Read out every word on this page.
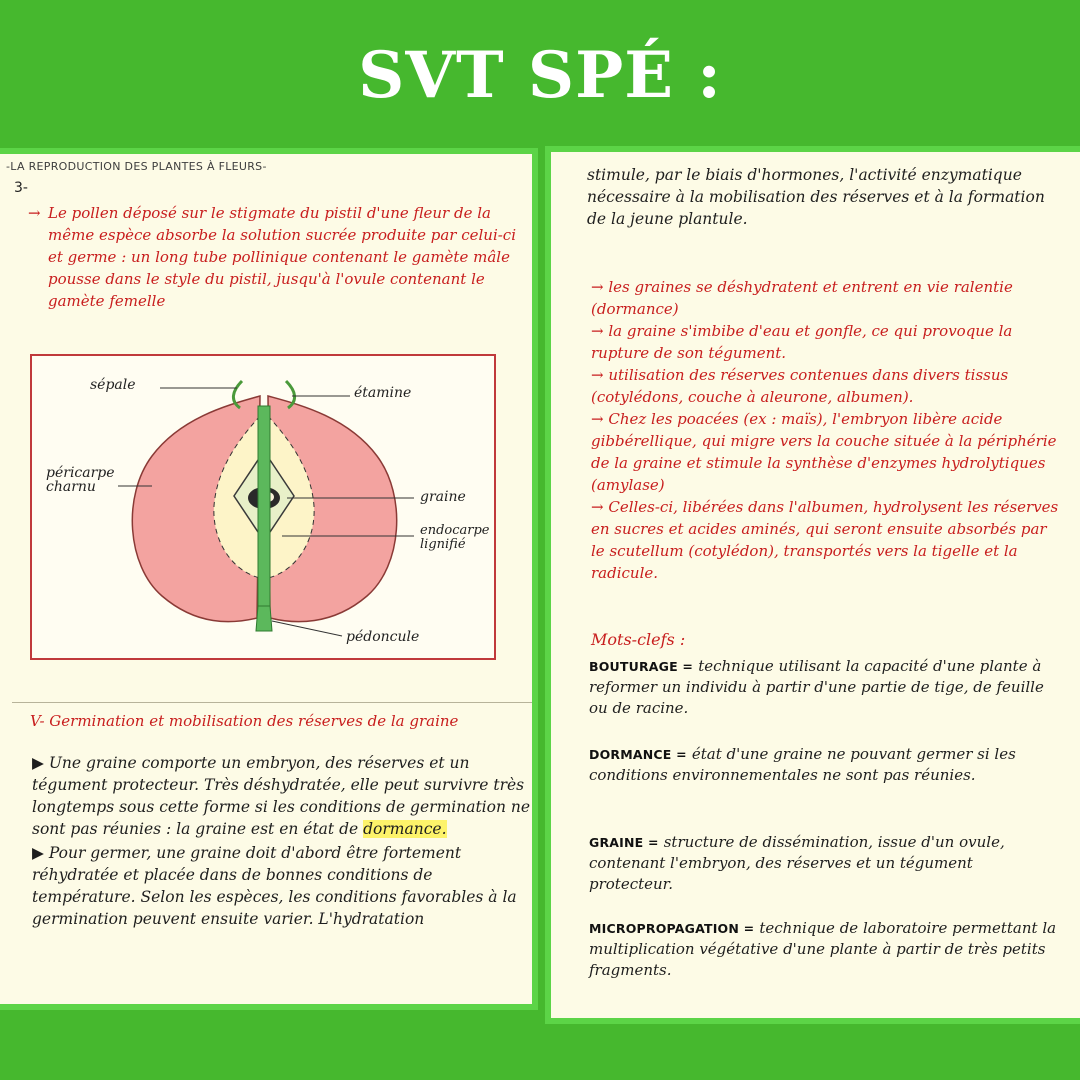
SVT SPÉ :
-LA REPRODUCTION DES PLANTES À FLEURS-
3-
→ Le pollen déposé sur le stigmate du pistil d'une fleur de la même espèce absorbe la solution sucrée produite par celui-ci et germe : un long tube pollinique contenant le gamète mâle pousse dans le style du pistil, jusqu'à l'ovule contenant le gamète femelle
sépale	étamine
péricarpe charnu
graine
endocarpe lignifié
pédoncule
V- Germination et mobilisation des réserves de la graine
▶ Une graine comporte un embryon, des réserves et un tégument protecteur. Très déshydratée, elle peut survivre très longtemps sous cette forme si les conditions de germination ne sont pas réunies : la graine est en état de dormance.
▶ Pour germer, une graine doit d'abord être fortement réhydratée et placée dans de bonnes conditions de température. Selon les espèces, les conditions favorables à la germination peuvent ensuite varier. L'hydratation
stimule, par le biais d'hormones, l'activité enzymatique nécessaire à la mobilisation des réserves et à la formation de la jeune plantule.
→ les graines se déshydratent et entrent en vie ralentie (dormance)
→ la graine s'imbibe d'eau et gonfle, ce qui provoque la rupture de son tégument.
→ utilisation des réserves contenues dans divers tissus (cotylédons, couche à aleurone, albumen).
→ Chez les poacées (ex : maïs), l'embryon libère acide gibbérellique, qui migre vers la couche située à la périphérie de la graine et stimule la synthèse d'enzymes hydrolytiques (amylase)
→ Celles-ci, libérées dans l'albumen, hydrolysent les réserves en sucres et acides aminés, qui seront ensuite absorbés par le scutellum (cotylédon), transportés vers la tigelle et la radicule.
Mots-clefs :
BOUTURAGE = technique utilisant la capacité d'une plante à reformer un individu à partir d'une partie de tige, de feuille ou de racine.
DORMANCE = état d'une graine ne pouvant germer si les conditions environnementales ne sont pas réunies.
GRAINE = structure de dissémination, issue d'un ovule, contenant l'embryon, des réserves et un tégument protecteur.
MICROPROPAGATION = technique de laboratoire permettant la multiplication végétative d'une plante à partir de très petits fragments.
